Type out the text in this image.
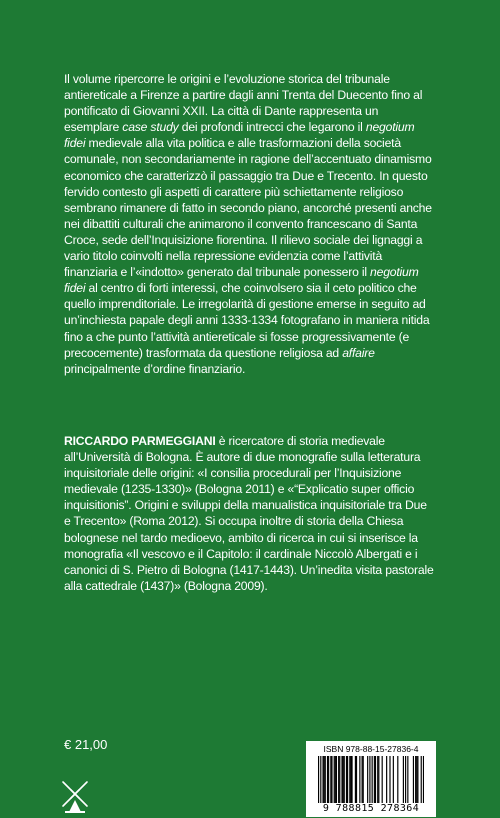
Il volume ripercorre le origini e l’evoluzione storica del tribunale antiereticale a Firenze a partire dagli anni Trenta del Duecento fino al pontificato di Giovanni XXII. La città di Dante rappresenta un esemplare case study dei profondi intrecci che legarono il negotium fidei medievale alla vita politica e alle trasformazioni della società comunale, non secondariamente in ragione dell’accentuato dinamismo economico che caratterizzò il passaggio tra Due e Trecento. In questo fervido contesto gli aspetti di carattere più schiettamente religioso sembrano rimanere di fatto in secondo piano, ancorché presenti anche nei dibattiti culturali che animarono il convento francescano di Santa Croce, sede dell’Inquisizione fiorentina. Il rilievo sociale dei lignaggi a vario titolo coinvolti nella repressione evidenzia come l’attività finanziaria e l’«indotto» generato dal tribunale ponessero il negotium fidei al centro di forti interessi, che coinvolsero sia il ceto politico che quello imprenditoriale. Le irregolarità di gestione emerse in seguito ad un’inchiesta papale degli anni 1333-1334 fotografano in maniera nitida fino a che punto l’attività antiereticale si fosse progressivamente (e precocemente) trasformata da questione religiosa ad affaire principalmente d’ordine finanziario.

RICCARDO PARMEGGIANI è ricercatore di storia medievale all’Università di Bologna. È autore di due monografie sulla letteratura inquisitoriale delle origini: «I consilia procedurali per l’Inquisizione medievale (1235-1330)» (Bologna 2011) e «“Explicatio super officio inquisitionis”. Origini e sviluppi della manualistica inquisitoriale tra Due e Trecento» (Roma 2012). Si occupa inoltre di storia della Chiesa bolognese nel tardo medioevo, ambito di ricerca in cui si inserisce la monografia «Il vescovo e il Capitolo: il cardinale Niccolò Albergati e i canonici di S. Pietro di Bologna (1417-1443). Un’inedita visita pastorale alla cattedrale (1437)» (Bologna 2009).

€ 21,00	ISBN 978-88-15-27836-4
9 788815 278364
